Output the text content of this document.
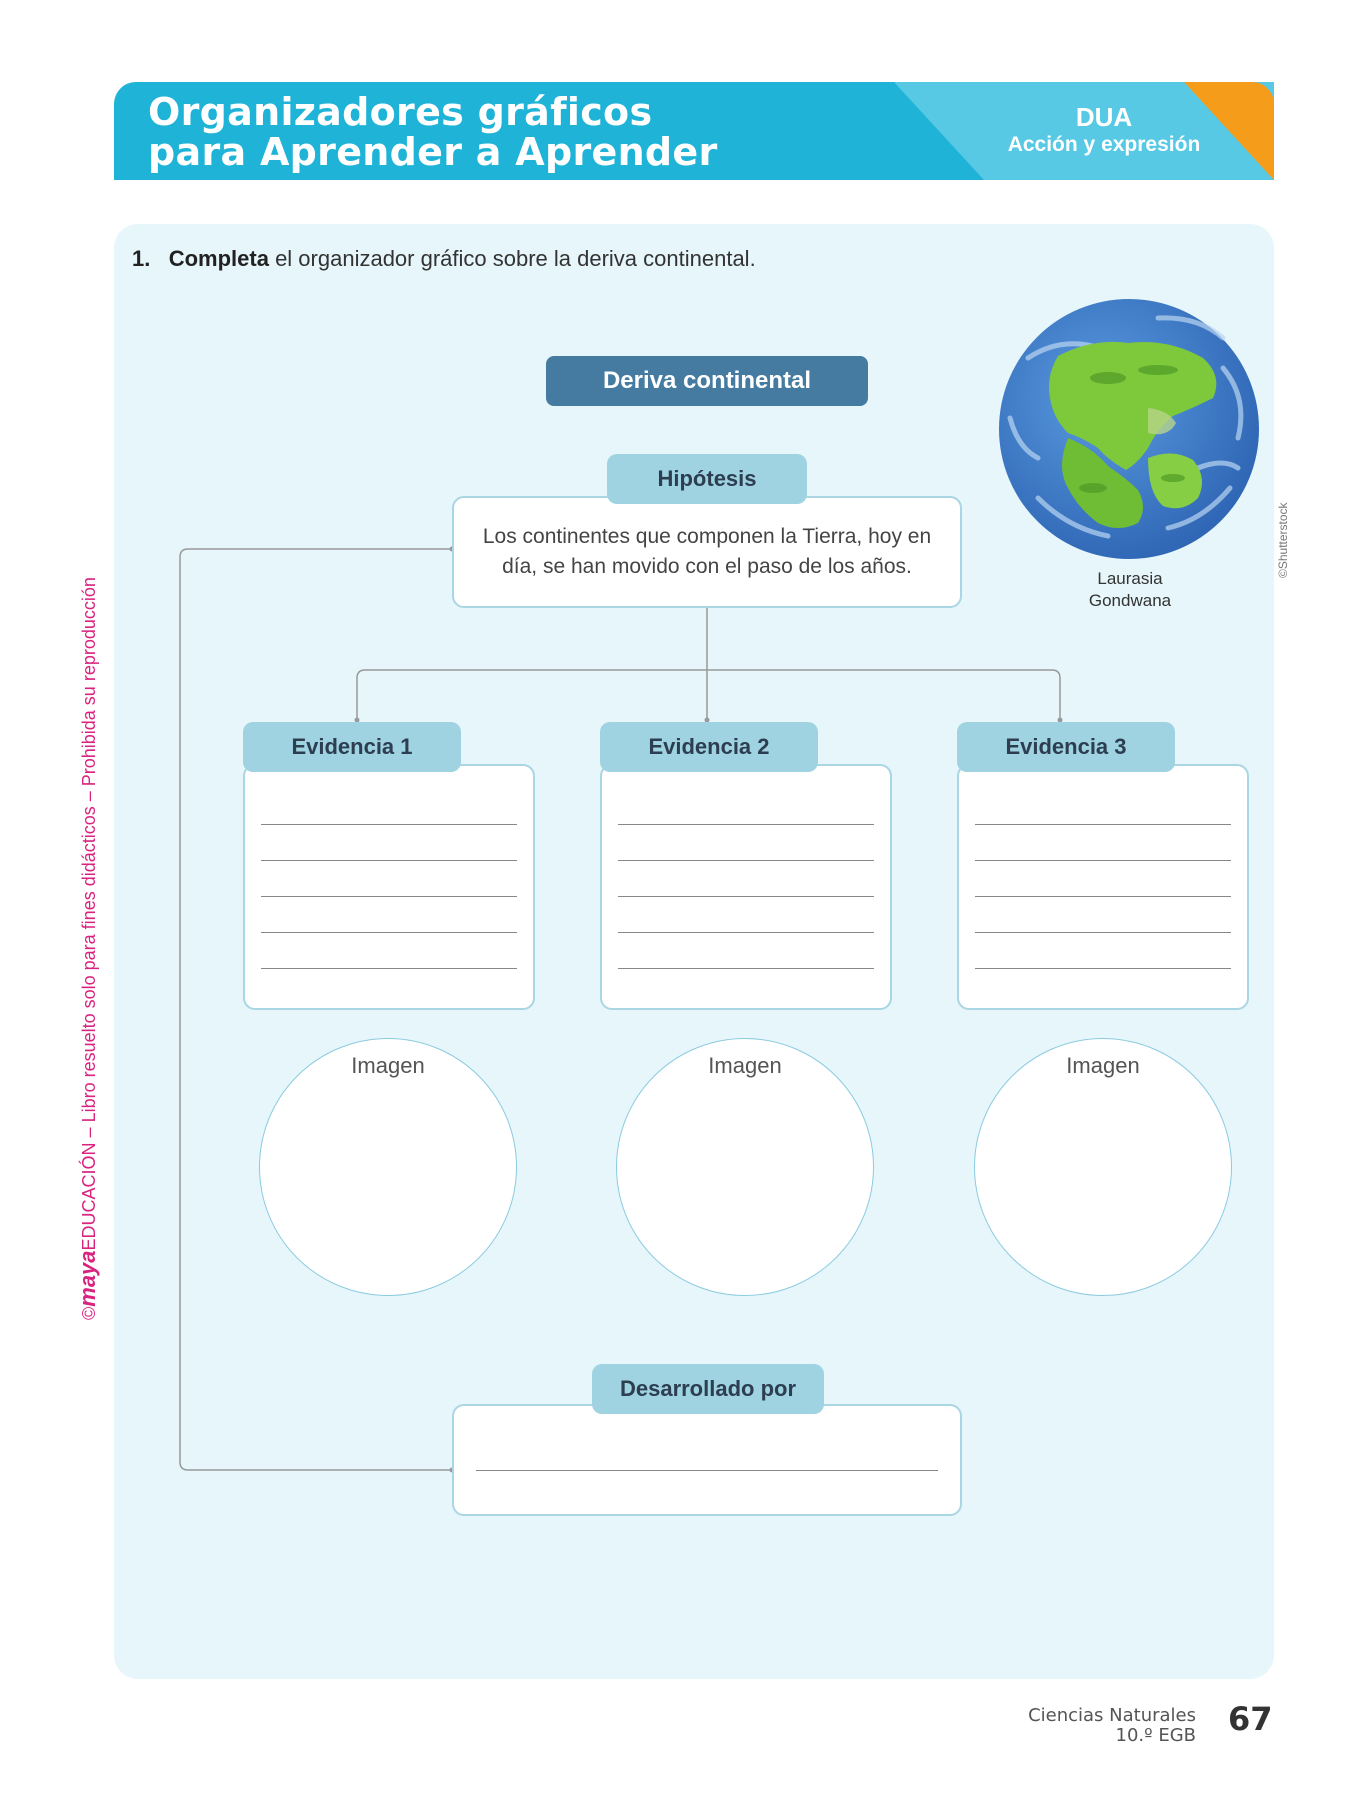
Organizadores gráficos
para Aprender a Aprender
DUA
Acción y expresión
©mayaEDUCACIÓN – Libro resuelto solo para fines didácticos – Prohibida su reproducción
1. Completa el organizador gráfico sobre la deriva continental.
Deriva continental
Los continentes que componen la Tierra, hoy en día, se han movido con el paso de los años.
Hipótesis
Evidencia 1	Evidencia 2	Evidencia 3
Imagen	Imagen	Imagen
Desarrollado por
Laurasia
Gondwana
©Shutterstock
Ciencias Naturales
10.º EGB 67
